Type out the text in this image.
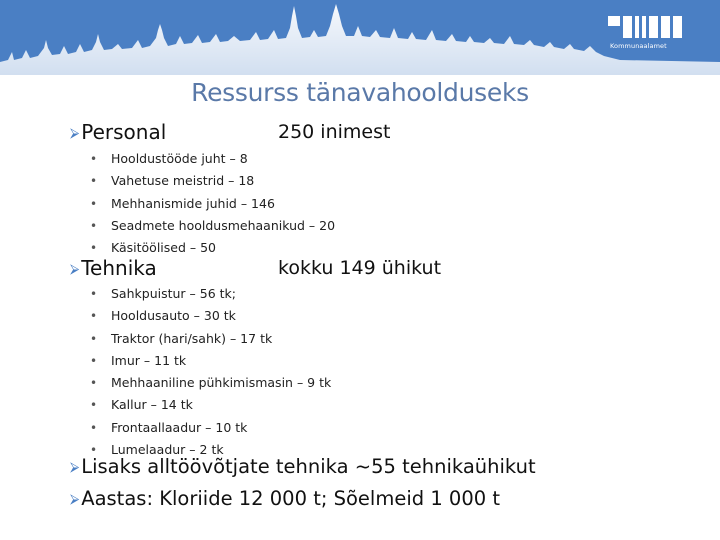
Kommunaalamet
Ressurss tänavahoolduseks
⮚ Personal	250 inimest
• Hooldustööde juht – 8
• Vahetuse meistrid – 18
• Mehhanismide juhid – 146
• Seadmete hooldusmehaanikud – 20
• Käsitöölised – 50
⮚ Tehnika	kokku 149 ühikut
• Sahkpuistur – 56 tk;
• Hooldusauto – 30 tk
• Traktor (hari/sahk) – 17 tk
• Imur – 11 tk
• Mehhaaniline pühkimismasin – 9 tk
• Kallur – 14 tk
• Frontaallaadur – 10 tk
• Lumelaadur – 2 tk
⮚ Lisaks alltöövõtjate tehnika ~55 tehnikaühikut
⮚ Aastas: Kloriide 12 000 t; Sõelmeid 1 000 t
